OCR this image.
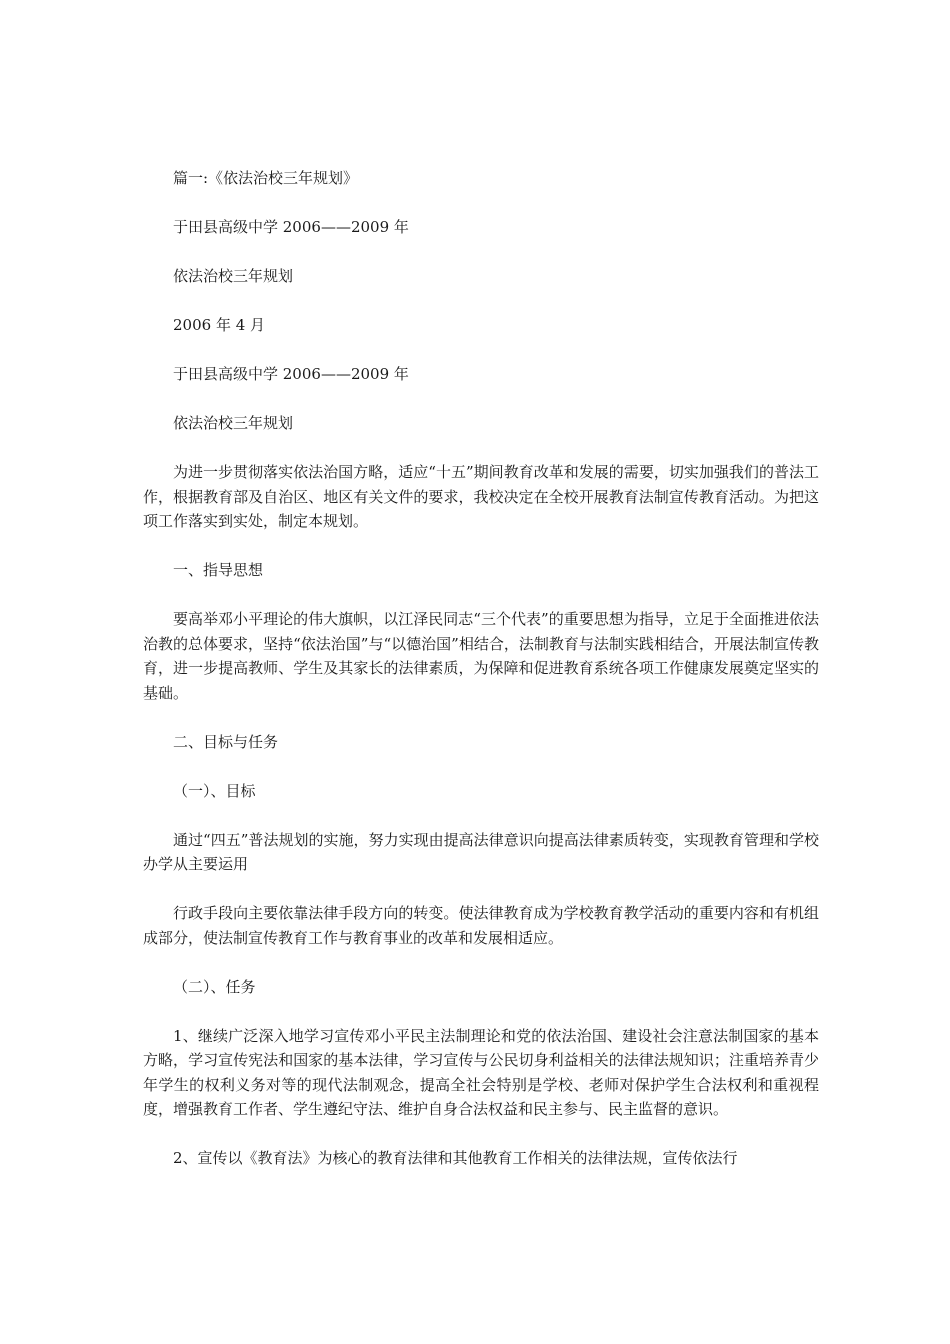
篇一:《依法治校三年规划》

于田县高级中学 2006——2009 年

依法治校三年规划

2006 年 4 月

于田县高级中学 2006——2009 年

依法治校三年规划

为进一步贯彻落实依法治国方略，适应“十五”期间教育改革和发展的需要，切实加强我们的普法工作，根据教育部及自治区、地区有关文件的要求，我校决定在全校开展教育法制宣传教育活动。为把这项工作落实到实处，制定本规划。

一、指导思想

要高举邓小平理论的伟大旗帜，以江泽民同志“三个代表”的重要思想为指导，立足于全面推进依法治教的总体要求，坚持“依法治国”与“以德治国”相结合，法制教育与法制实践相结合，开展法制宣传教育，进一步提高教师、学生及其家长的法律素质，为保障和促进教育系统各项工作健康发展奠定坚实的基础。

二、目标与任务

（一）、目标

通过“四五”普法规划的实施，努力实现由提高法律意识向提高法律素质转变，实现教育管理和学校办学从主要运用

行政手段向主要依靠法律手段方向的转变。使法律教育成为学校教育教学活动的重要内容和有机组成部分，使法制宣传教育工作与教育事业的改革和发展相适应。

（二）、任务

1、继续广泛深入地学习宣传邓小平民主法制理论和党的依法治国、建设社会注意法制国家的基本方略，学习宣传宪法和国家的基本法律，学习宣传与公民切身利益相关的法律法规知识；注重培养青少年学生的权利义务对等的现代法制观念，提高全社会特别是学校、老师对保护学生合法权利和重视程度，增强教育工作者、学生遵纪守法、维护自身合法权益和民主参与、民主监督的意识。

2、宣传以《教育法》为核心的教育法律和其他教育工作相关的法律法规，宣传依法行
